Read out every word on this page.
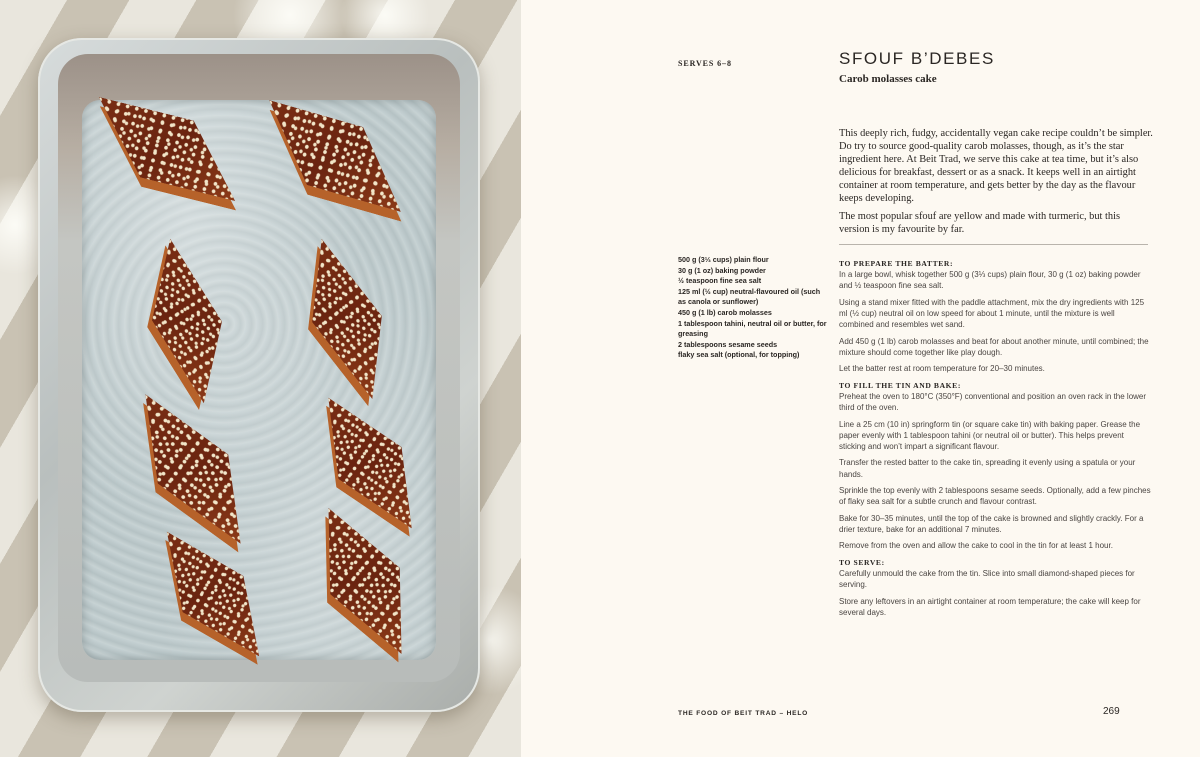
SERVES 6–8	SFOUF B’DEBES
Carob molasses cake

This deeply rich, fudgy, accidentally vegan cake recipe couldn’t be simpler. Do try to source good-quality carob molasses, though, as it’s the star ingredient here. At Beit Trad, we serve this cake at tea time, but it’s also delicious for breakfast, dessert or as a snack. It keeps well in an airtight container at room temperature, and gets better by the day as the flavour keeps developing.

The most popular sfouf are yellow and made with turmeric, but this version is my favourite by far.

500 g (3⅓ cups) plain flour
30 g (1 oz) baking powder
½ teaspoon fine sea salt
125 ml (½ cup) neutral-flavoured oil (such as canola or sunflower)
450 g (1 lb) carob molasses
1 tablespoon tahini, neutral oil or butter, for greasing
2 tablespoons sesame seeds
flaky sea salt (optional, for topping)
TO PREPARE THE BATTER:

In a large bowl, whisk together 500 g (3⅓ cups) plain flour, 30 g (1 oz) baking powder and ½ teaspoon fine sea salt.

Using a stand mixer fitted with the paddle attachment, mix the dry ingredients with 125 ml (½ cup) neutral oil on low speed for about 1 minute, until the mixture is well combined and resembles wet sand.

Add 450 g (1 lb) carob molasses and beat for about another minute, until combined; the mixture should come together like play dough.

Let the batter rest at room temperature for 20–30 minutes.

TO FILL THE TIN AND BAKE:

Preheat the oven to 180°C (350°F) conventional and position an oven rack in the lower third of the oven.

Line a 25 cm (10 in) springform tin (or square cake tin) with baking paper. Grease the paper evenly with 1 tablespoon tahini (or neutral oil or butter). This helps prevent sticking and won’t impart a significant flavour.

Transfer the rested batter to the cake tin, spreading it evenly using a spatula or your hands.

Sprinkle the top evenly with 2 tablespoons sesame seeds. Optionally, add a few pinches of flaky sea salt for a subtle crunch and flavour contrast.

Bake for 30–35 minutes, until the top of the cake is browned and slightly crackly. For a drier texture, bake for an additional 7 minutes.

Remove from the oven and allow the cake to cool in the tin for at least 1 hour.

TO SERVE:

Carefully unmould the cake from the tin. Slice into small diamond-shaped pieces for serving.

Store any leftovers in an airtight container at room temperature; the cake will keep for several days.

THE FOOD OF BEIT TRAD – HELO	269
